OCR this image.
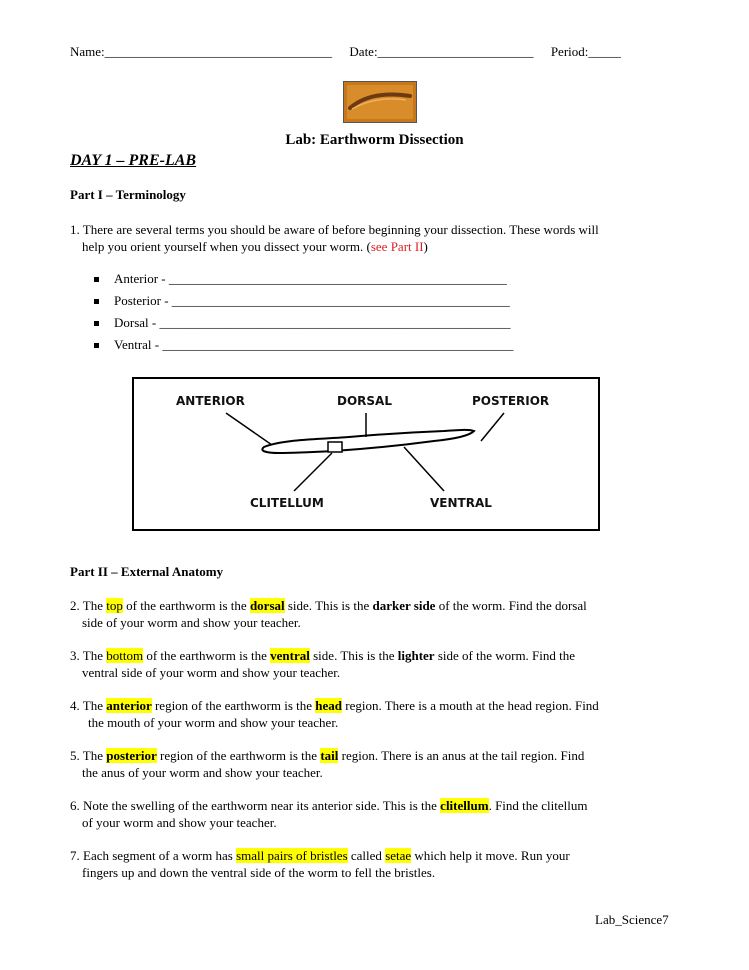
Name:___________________________________ Date:________________________ Period:_____
Lab: Earthworm Dissection
DAY 1 – PRE-LAB
Part I – Terminology
1. There are several terms you should be aware of before beginning your dissection. These words will
help you orient yourself when you dissect your worm. (see Part II)
Anterior - ____________________________________________________
Posterior - ____________________________________________________
Dorsal - ______________________________________________________
Ventral - ______________________________________________________
ANTERIOR	DORSAL	POSTERIOR
CLITELLUM	VENTRAL
Part II – External Anatomy
2. The top of the earthworm is the dorsal side. This is the darker side of the worm. Find the dorsal
side of your worm and show your teacher.
3. The bottom of the earthworm is the ventral side. This is the lighter side of the worm. Find the
ventral side of your worm and show your teacher.
4. The anterior region of the earthworm is the head region. There is a mouth at the head region. Find
the mouth of your worm and show your teacher.
5. The posterior region of the earthworm is the tail region. There is an anus at the tail region. Find
the anus of your worm and show your teacher.
6. Note the swelling of the earthworm near its anterior side. This is the clitellum. Find the clitellum
of your worm and show your teacher.
7. Each segment of a worm has small pairs of bristles called setae which help it move. Run your
fingers up and down the ventral side of the worm to fell the bristles.
Lab_Science7
